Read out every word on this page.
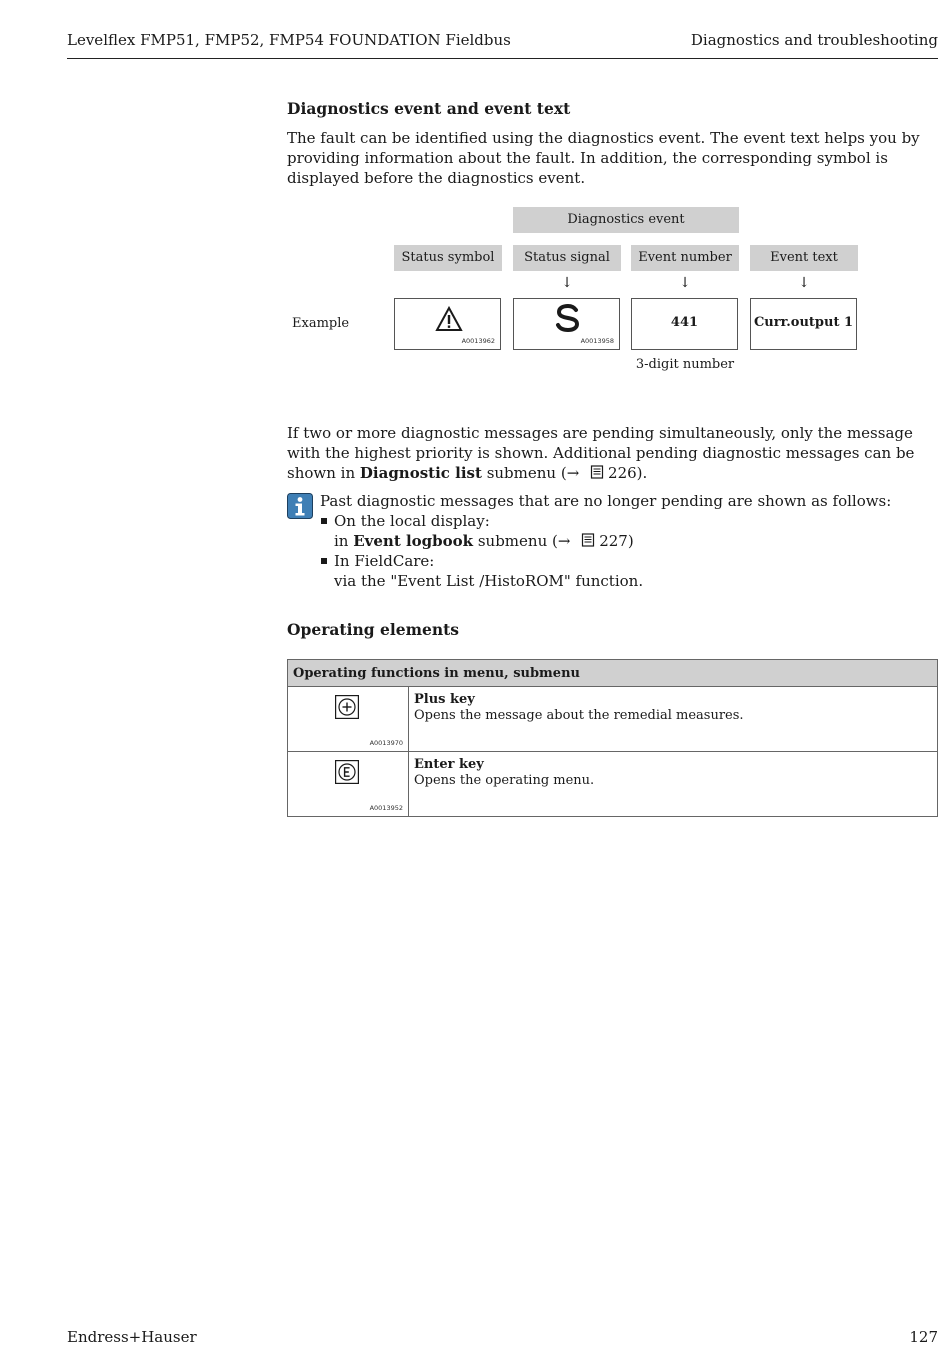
Levelflex FMP51, FMP52, FMP54 FOUNDATION Fieldbus	Diagnostics and troubleshooting
Diagnostics event and event text
The fault can be identified using the diagnostics event. The event text helps you by providing information about the fault. In addition, the corresponding symbol is displayed before the diagnostics event.
Diagnostics event
Status symbol	Status signal	Event number	Event text
↓	↓	↓
Example
A0013962	A0013958
441	Curr.output 1
3-digit number
If two or more diagnostic messages are pending simultaneously, only the message with the highest priority is shown. Additional pending diagnostic messages can be shown in Diagnostic list submenu (→ 226).
Past diagnostic messages that are no longer pending are shown as follows:
On the local display:
in Event logbook submenu (→ 227)
In FieldCare:
via the "Event List /HistoROM" function.
Operating elements
Operating functions in menu, submenu	

A0013970	Plus key
Opens the message about the remedial measures.

A0013952	Enter key
Opens the operating menu.
Endress+Hauser	127
